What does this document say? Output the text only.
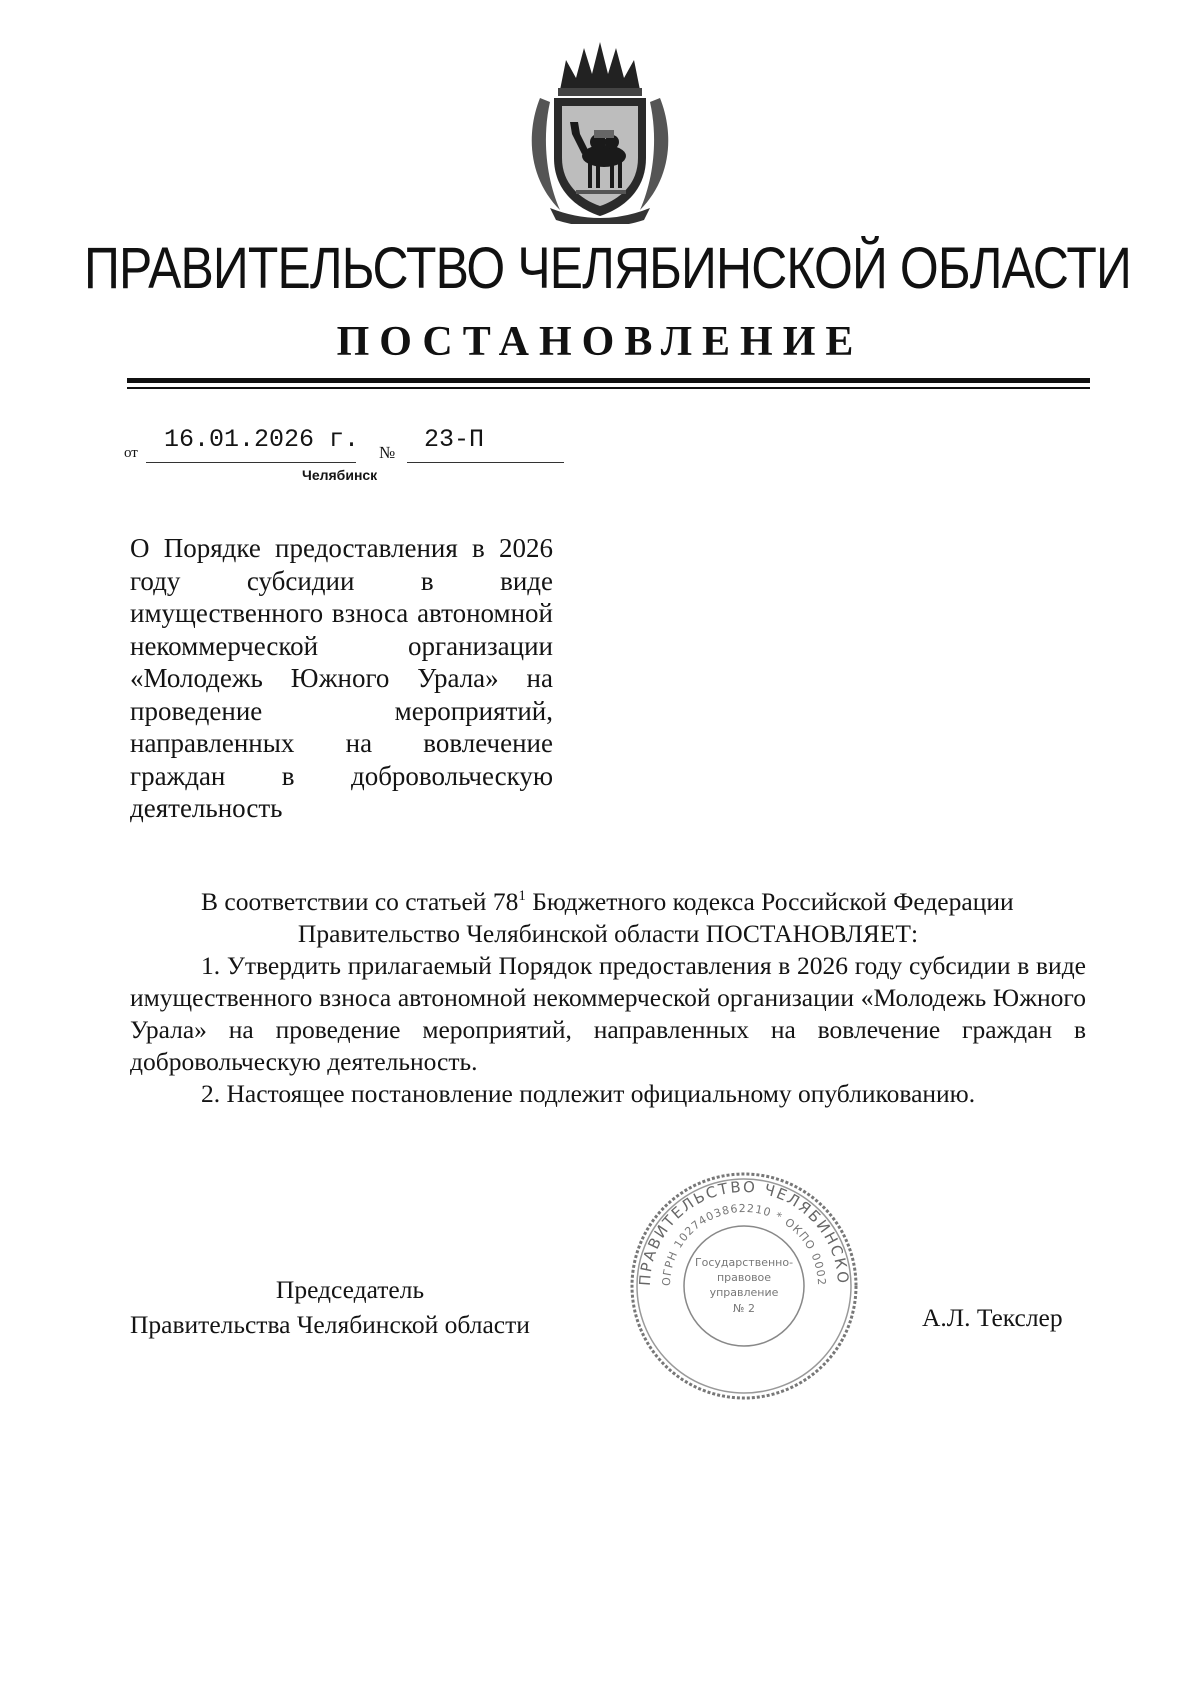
ПРАВИТЕЛЬСТВО ЧЕЛЯБИНСКОЙ ОБЛАСТИ
ПОСТАНОВЛЕНИЕ
от 16.01.2026 г. № 23-П
Челябинск
О Порядке предоставления в 2026 году субсидии в виде имущественного взноса автономной некоммерческой организации «Молодежь Южного Урала» на проведение мероприятий, направленных на вовлечение граждан в добровольческую деятельность

В соответствии со статьей $78^1$ Бюджетного кодекса Российской Федерации

Правительство Челябинской области ПОСТАНОВЛЯЕТ:

1. Утвердить прилагаемый Порядок предоставления в 2026 году субсидии в виде имущественного взноса автономной некоммерческой организации «Молодежь Южного Урала» на проведение мероприятий, направленных на вовлечение граждан в добровольческую деятельность.

2. Настоящее постановление подлежит официальному опубликованию.

Председатель
Правительства Челябинской области
ПРАВИТЕЛЬСТВО ЧЕЛЯБИНСКО
ОГРН 1027403862210 * ОКПО 0002
Государственно-
правовое
управление
№ 2	А.Л. Текслер
